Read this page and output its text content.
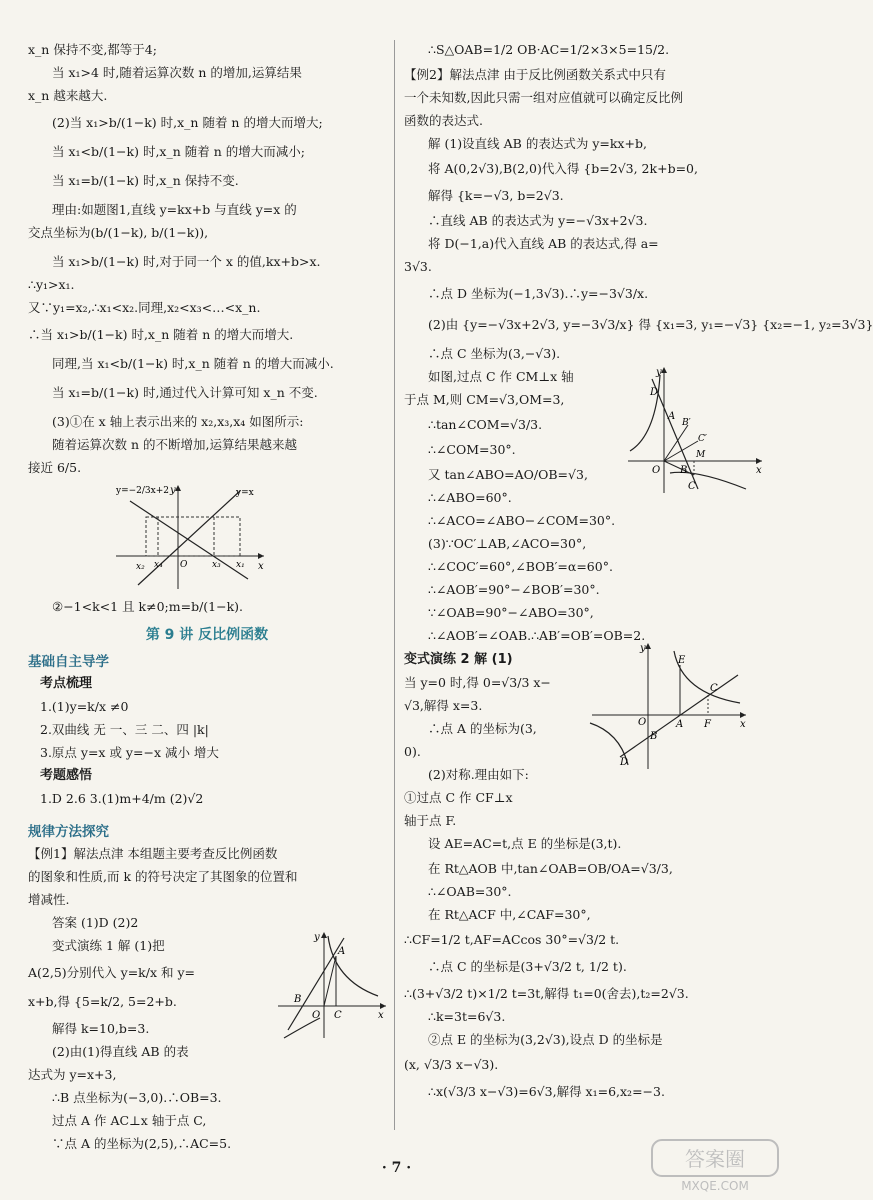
x_n 保持不变,都等于4;

当 x₁>4 时,随着运算次数 n 的增加,运算结果

x_n 越来越大.

(2)当 x₁>b/(1−k) 时,x_n 随着 n 的增大而增大;

当 x₁<b/(1−k) 时,x_n 随着 n 的增大而减小;

当 x₁=b/(1−k) 时,x_n 保持不变.

理由:如题图1,直线 y=kx+b 与直线 y=x 的

交点坐标为(b/(1−k), b/(1−k)),

当 x₁>b/(1−k) 时,对于同一个 x 的值,kx+b>x.

∴y₁>x₁.

又∵y₁=x₂,∴x₁<x₂.同理,x₂<x₃<…<x_n.

∴当 x₁>b/(1−k) 时,x_n 随着 n 的增大而增大.

同理,当 x₁<b/(1−k) 时,x_n 随着 n 的增大而减小.

当 x₁=b/(1−k) 时,通过代入计算可知 x_n 不变.

(3)①在 x 轴上表示出来的 x₂,x₃,x₄ 如图所示:

随着运算次数 n 的不断增加,运算结果越来越

接近 6/5.

y=−2/3x+2	y=x
y
x
O
x₂ x₄	x₃ x₁

②−1<k<1 且 k≠0;m=b/(1−k).

第 9 讲 反比例函数
基础自主导学

考点梳理

1.(1)y=k/x ≠0

2.双曲线 无 一、三 二、四 |k|

3.原点 y=x 或 y=−x 减小 增大

考题感悟

1.D 2.6 3.(1)m+4/m (2)√2

规律方法探究

【例1】解法点津 本组题主要考查反比例函数

的图象和性质,而 k 的符号决定了其图象的位置和

增减性.

答案 (1)D (2)2

y
A
B
O C	x

变式演练 1 解 (1)把

A(2,5)分别代入 y=k/x 和 y=

x+b,得 {5=k/2, 5=2+b.

解得 k=10,b=3.

(2)由(1)得直线 AB 的表

达式为 y=x+3,

∴B 点坐标为(−3,0).∴OB=3.

过点 A 作 AC⊥x 轴于点 C,

∵点 A 的坐标为(2,5),∴AC=5.

∴S△OAB=1/2 OB·AC=1/2×3×5=15/2.

【例2】解法点津 由于反比例函数关系式中只有

一个未知数,因此只需一组对应值就可以确定反比例

函数的表达式.

解 (1)设直线 AB 的表达式为 y=kx+b,

将 A(0,2√3),B(2,0)代入得 {b=2√3, 2k+b=0,

解得 {k=−√3, b=2√3.

∴直线 AB 的表达式为 y=−√3x+2√3.

将 D(−1,a)代入直线 AB 的表达式,得 a=

3√3.

∴点 D 坐标为(−1,3√3).∴y=−3√3/x.

(2)由 {y=−√3x+2√3, y=−3√3/x} 得 {x₁=3, y₁=−√3} {x₂=−1, y₂=3√3}

∴点 C 坐标为(3,−√3).

y
D
A
B′
C′
M
O B
C
x

如图,过点 C 作 CM⊥x 轴

于点 M,则 CM=√3,OM=3,

∴tan∠COM=√3/3.

∴∠COM=30°.

又 tan∠ABO=AO/OB=√3,

∴∠ABO=60°.

∴∠ACO=∠ABO−∠COM=30°.

(3)∵OC′⊥AB,∠ACO=30°,

∴∠COC′=60°,∠BOB′=α=60°.

∴∠AOB′=90°−∠BOB′=30°.

∵∠OAB=90°−∠ABO=30°,

∴∠AOB′=∠OAB.∴AB′=OB′=OB=2.

y
E
C
O
B
A F	x
D

变式演练 2 解 (1)

当 y=0 时,得 0=√3/3 x−

√3,解得 x=3.

∴点 A 的坐标为(3,

0).

(2)对称.理由如下:

①过点 C 作 CF⊥x

轴于点 F.

设 AE=AC=t,点 E 的坐标是(3,t).

在 Rt△AOB 中,tan∠OAB=OB/OA=√3/3,

∴∠OAB=30°.

在 Rt△ACF 中,∠CAF=30°,

∴CF=1/2 t,AF=ACcos 30°=√3/2 t.

∴点 C 的坐标是(3+√3/2 t, 1/2 t).

∴(3+√3/2 t)×1/2 t=3t,解得 t₁=0(舍去),t₂=2√3.

∴k=3t=6√3.

②点 E 的坐标为(3,2√3),设点 D 的坐标是

(x, √3/3 x−√3).

∴x(√3/3 x−√3)=6√3,解得 x₁=6,x₂=−3.

· 7 ·	答案圈
MXQE.COM
